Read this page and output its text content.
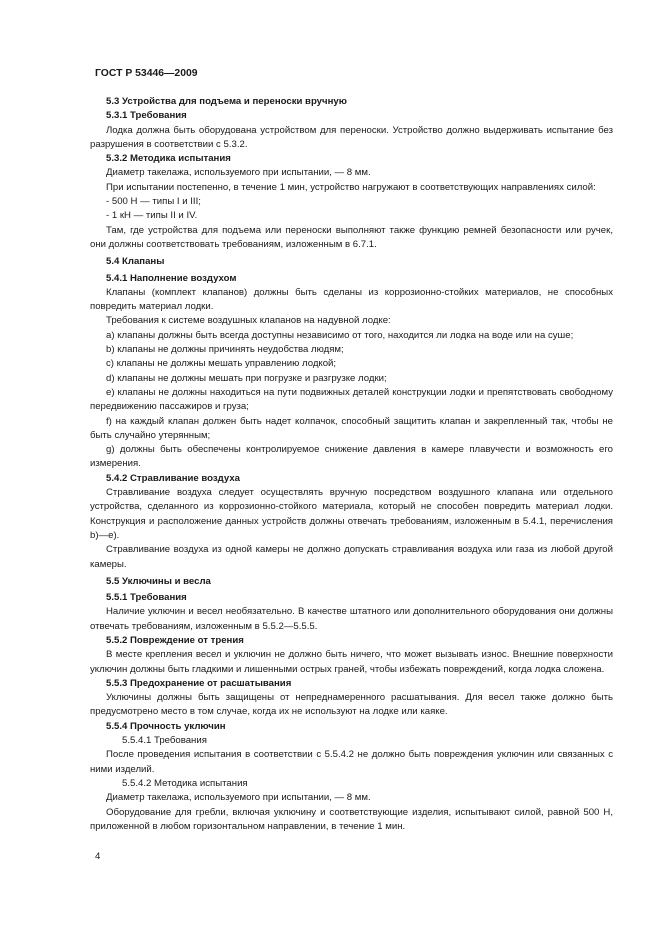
ГОСТ Р 53446—2009

5.3 Устройства для подъема и переноски вручную
5.3.1 Требования

Лодка должна быть оборудована устройством для переноски. Устройство должно выдерживать испытание без разрушения в соответствии с 5.3.2.

5.3.2 Методика испытания

Диаметр такелажа, используемого при испытании, — 8 мм.

При испытании постепенно, в течение 1 мин, устройство нагружают в соответствующих направлениях силой:

- 500 Н — типы I и III;

- 1 кН — типы II и IV.

Там, где устройства для подъема или переноски выполняют также функцию ремней безопасности или ручек, они должны соответствовать требованиям, изложенным в 6.7.1.

5.4 Клапаны
5.4.1 Наполнение воздухом

Клапаны (комплект клапанов) должны быть сделаны из коррозионно-стойких материалов, не способных повредить материал лодки.

Требования к системе воздушных клапанов на надувной лодке:

a) клапаны должны быть всегда доступны независимо от того, находится ли лодка на воде или на суше;

b) клапаны не должны причинять неудобства людям;

c) клапаны не должны мешать управлению лодкой;

d) клапаны не должны мешать при погрузке и разгрузке лодки;

e) клапаны не должны находиться на пути подвижных деталей конструкции лодки и препятствовать свободному передвижению пассажиров и груза;

f) на каждый клапан должен быть надет колпачок, способный защитить клапан и закрепленный так, чтобы не быть случайно утерянным;

g) должны быть обеспечены контролируемое снижение давления в камере плавучести и возможность его измерения.

5.4.2 Стравливание воздуха

Стравливание воздуха следует осуществлять вручную посредством воздушного клапана или отдельного устройства, сделанного из коррозионно-стойкого материала, который не способен повредить материал лодки. Конструкция и расположение данных устройств должны отвечать требованиям, изложенным в 5.4.1, перечисления b)—е).

Стравливание воздуха из одной камеры не должно допускать стравливания воздуха или газа из любой другой камеры.

5.5 Уключины и весла
5.5.1 Требования

Наличие уключин и весел необязательно. В качестве штатного или дополнительного оборудования они должны отвечать требованиям, изложенным в 5.5.2—5.5.5.

5.5.2 Повреждение от трения

В месте крепления весел и уключин не должно быть ничего, что может вызывать износ. Внешние поверхности уключин должны быть гладкими и лишенными острых граней, чтобы избежать повреждений, когда лодка сложена.

5.5.3 Предохранение от расшатывания

Уключины должны быть защищены от непреднамеренного расшатывания. Для весел также должно быть предусмотрено место в том случае, когда их не используют на лодке или каяке.

5.5.4 Прочность уключин

5.5.4.1 Требования

После проведения испытания в соответствии с 5.5.4.2 не должно быть повреждения уключин или связанных с ними изделий.

5.5.4.2 Методика испытания

Диаметр такелажа, используемого при испытании, — 8 мм.

Оборудование для гребли, включая уключину и соответствующие изделия, испытывают силой, равной 500 Н, приложенной в любом горизонтальном направлении, в течение 1 мин.

4
